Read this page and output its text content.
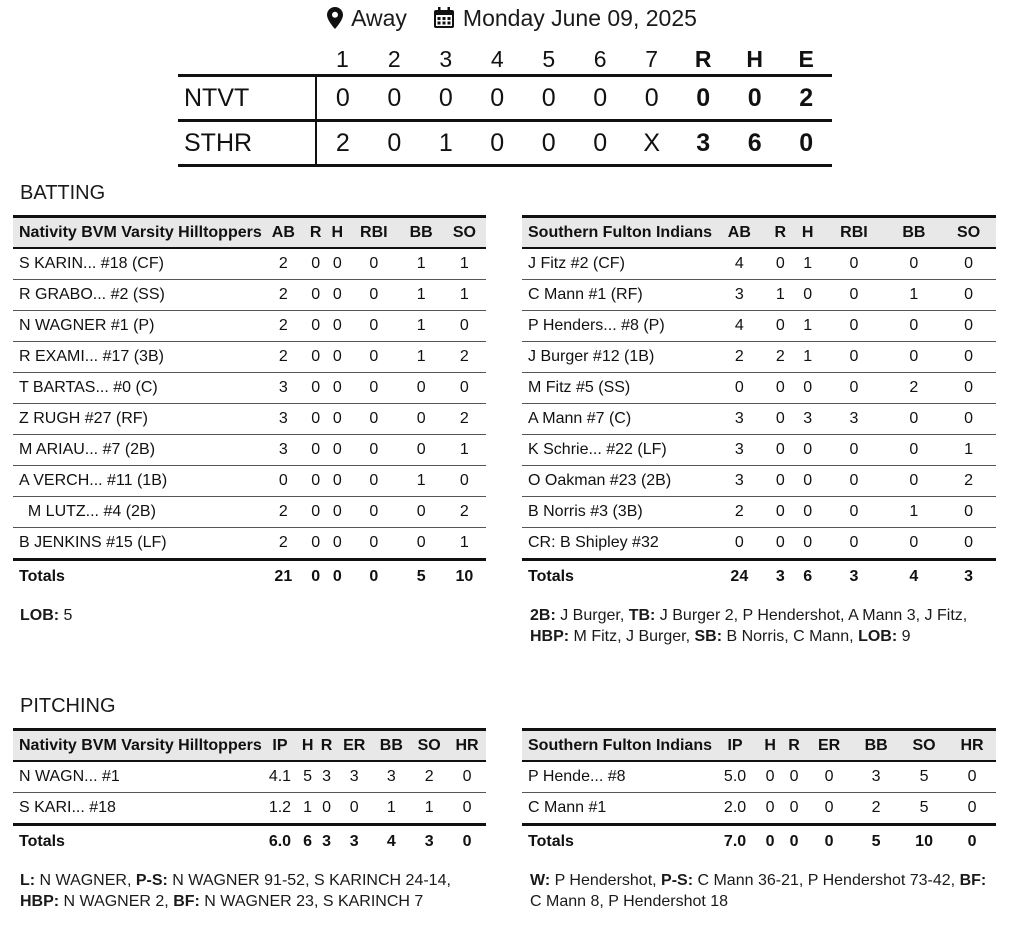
Away Monday June 09, 2025
	1	2	3	4	5	6	7	R	H	E
NTVT	0	0	0	0	0	0	0	0	0	2
STHR	2	0	1	0	0	0	X	3	6	0
BATTING
Nativity BVM Varsity Hilltoppers	AB	R	H	RBI	BB	SO
S KARIN... #18 (CF)	2	0	0	0	1	1
R GRABO... #2 (SS)	2	0	0	0	1	1
N WAGNER #1 (P)	2	0	0	0	1	0
R EXAMI... #17 (3B)	2	0	0	0	1	2
T BARTAS... #0 (C)	3	0	0	0	0	0
Z RUGH #27 (RF)	3	0	0	0	0	2
M ARIAU... #7 (2B)	3	0	0	0	0	1
A VERCH... #11 (1B)	0	0	0	0	1	0
M LUTZ... #4 (2B)	2	0	0	0	0	2
B JENKINS #15 (LF)	2	0	0	0	0	1
Totals	21	0	0	0	5	10
Southern Fulton Indians	AB	R	H	RBI	BB	SO
J Fitz #2 (CF)	4	0	1	0	0	0
C Mann #1 (RF)	3	1	0	0	1	0
P Henders... #8 (P)	4	0	1	0	0	0
J Burger #12 (1B)	2	2	1	0	0	0
M Fitz #5 (SS)	0	0	0	0	2	0
A Mann #7 (C)	3	0	3	3	0	0
K Schrie... #22 (LF)	3	0	0	0	0	1
O Oakman #23 (2B)	3	0	0	0	0	2
B Norris #3 (3B)	2	0	0	0	1	0
CR: B Shipley #32	0	0	0	0	0	0
Totals	24	3	6	3	4	3
LOB: 5	2B: J Burger, TB: J Burger 2, P Hendershot, A Mann 3, J Fitz, HBP: M Fitz, J Burger, SB: B Norris, C Mann, LOB: 9
PITCHING
Nativity BVM Varsity Hilltoppers	IP	H	R	ER	BB	SO	HR
N WAGN... #1	4.1	5	3	3	3	2	0
S KARI... #18	1.2	1	0	0	1	1	0
Totals	6.0	6	3	3	4	3	0
Southern Fulton Indians	IP	H	R	ER	BB	SO	HR
P Hende... #8	5.0	0	0	0	3	5	0
C Mann #1	2.0	0	0	0	2	5	0
Totals	7.0	0	0	0	5	10	0
L: N WAGNER, P-S: N WAGNER 91-52, S KARINCH 24-14, HBP: N WAGNER 2, BF: N WAGNER 23, S KARINCH 7
W: P Hendershot, P-S: C Mann 36-21, P Hendershot 73-42, BF: C Mann 8, P Hendershot 18
